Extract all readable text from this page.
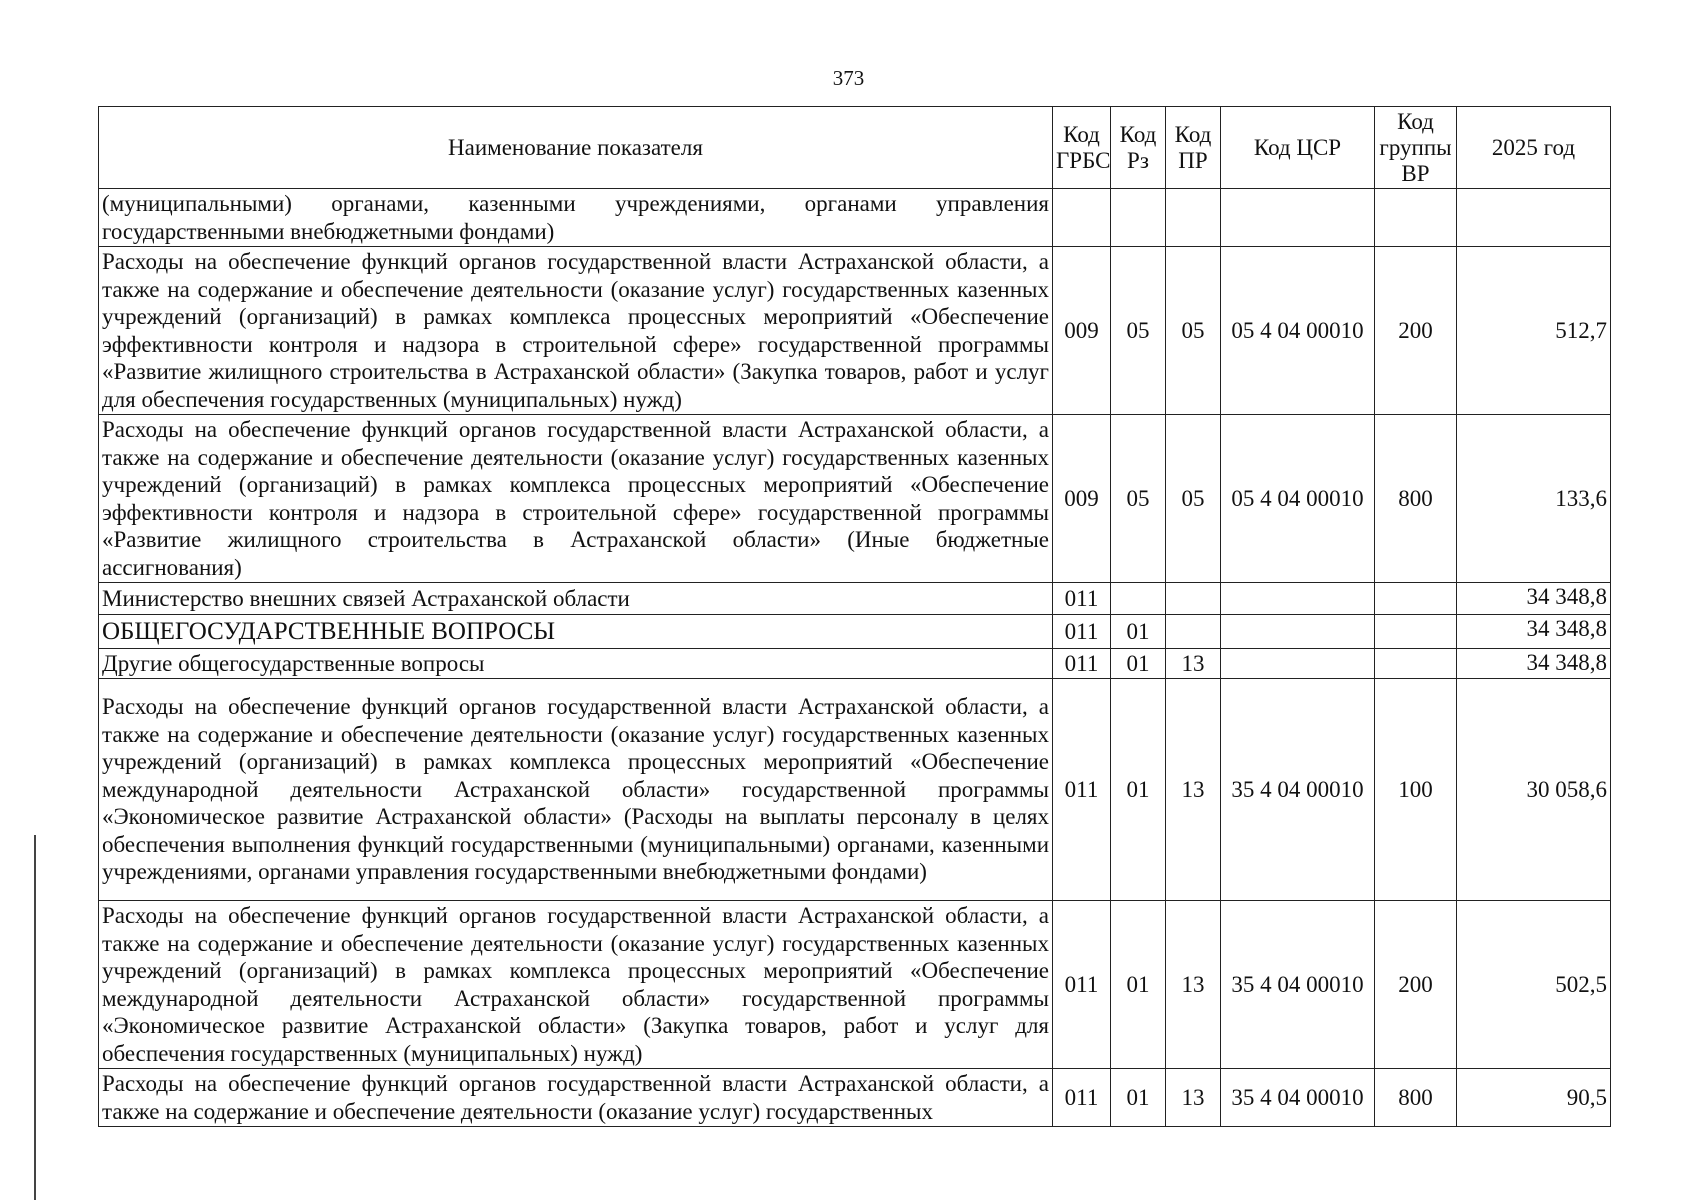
373
Наименование показателя	Код ГРБС	Код Рз	Код ПР	Код ЦСР	Код группы ВР	2025 год
(муниципальными) органами, казенными учреждениями, органами управления государственными внебюджетными фондами)						
Расходы на обеспечение функций органов государственной власти Астраханской области, а также на содержание и обеспечение деятельности (оказание услуг) государственных казенных учреждений (организаций) в рамках комплекса процессных мероприятий «Обеспечение эффективности контроля и надзора в строительной сфере» государственной программы «Развитие жилищного строительства в Астраханской области» (Закупка товаров, работ и услуг для обеспечения государственных (муниципальных) нужд)	009	05	05	05 4 04 00010	200	512,7
Расходы на обеспечение функций органов государственной власти Астраханской области, а также на содержание и обеспечение деятельности (оказание услуг) государственных казенных учреждений (организаций) в рамках комплекса процессных мероприятий «Обеспечение эффективности контроля и надзора в строительной сфере» государственной программы «Развитие жилищного строительства в Астраханской области» (Иные бюджетные ассигнования)	009	05	05	05 4 04 00010	800	133,6
Министерство внешних связей Астраханской области	011					34 348,8
ОБЩЕГОСУДАРСТВЕННЫЕ ВОПРОСЫ	011	01				34 348,8
Другие общегосударственные вопросы	011	01	13			34 348,8
Расходы на обеспечение функций органов государственной власти Астраханской области, а также на содержание и обеспечение деятельности (оказание услуг) государственных казенных учреждений (организаций) в рамках комплекса процессных мероприятий «Обеспечение международной деятельности Астраханской области» государственной программы «Экономическое развитие Астраханской области» (Расходы на выплаты персоналу в целях обеспечения выполнения функций государственными (муниципальными) органами, казенными учреждениями, органами управления государственными внебюджетными фондами)	011	01	13	35 4 04 00010	100	30 058,6
Расходы на обеспечение функций органов государственной власти Астраханской области, а также на содержание и обеспечение деятельности (оказание услуг) государственных казенных учреждений (организаций) в рамках комплекса процессных мероприятий «Обеспечение международной деятельности Астраханской области» государственной программы «Экономическое развитие Астраханской области» (Закупка товаров, работ и услуг для обеспечения государственных (муниципальных) нужд)	011	01	13	35 4 04 00010	200	502,5
Расходы на обеспечение функций органов государственной власти Астраханской области, а также на содержание и обеспечение деятельности (оказание услуг) государственных	011	01	13	35 4 04 00010	800	90,5
